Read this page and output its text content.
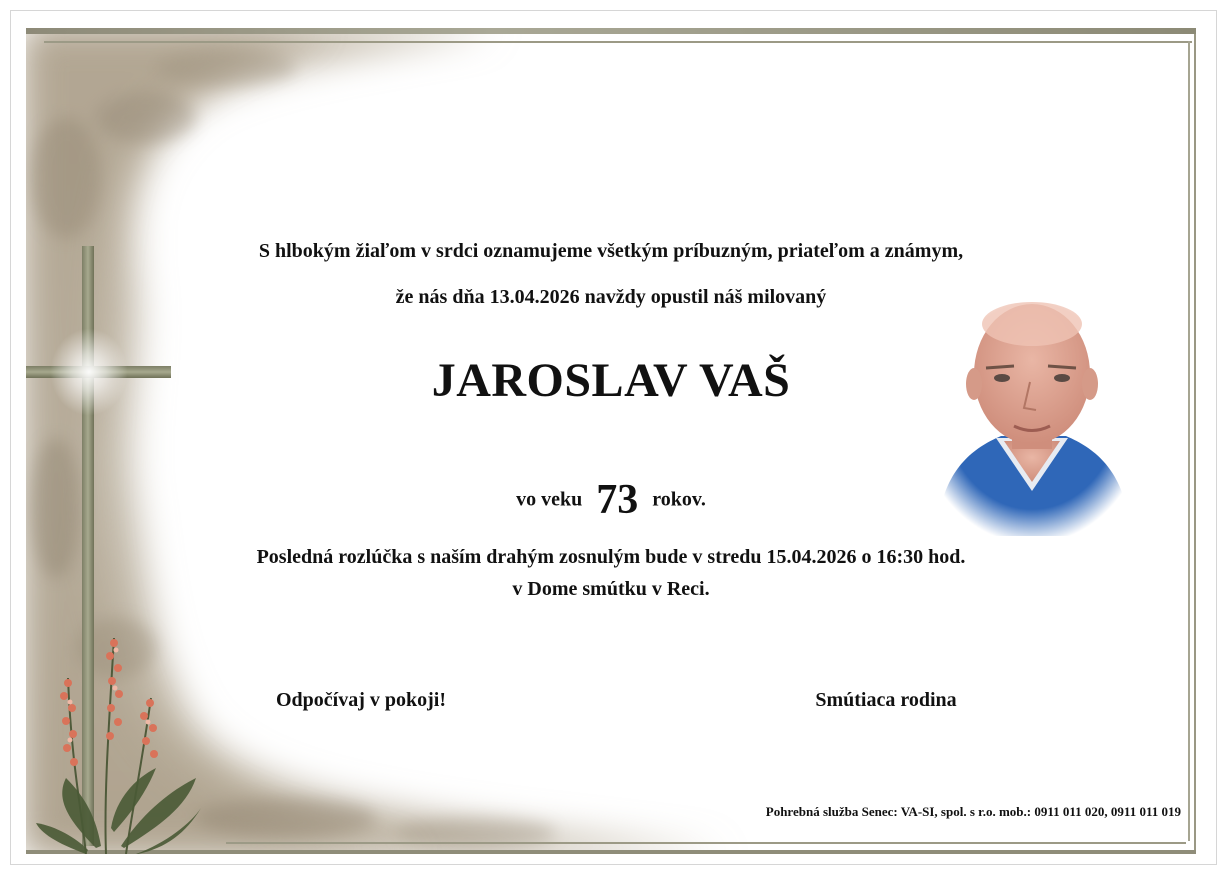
S hlbokým žiaľom v srdci oznamujeme všetkým príbuzným, priateľom a známym,
že nás dňa 13.04.2026 navždy opustil náš milovaný
JAROSLAV VAŠ
vo veku 73 rokov.
Posledná rozlúčka s naším drahým zosnulým bude v stredu 15.04.2026 o 16:30 hod.
v Dome smútku v Reci.
Odpočívaj v pokoji!	Smútiaca rodina
Pohrebná služba Senec: VA-SI, spol. s r.o. mob.: 0911 011 020, 0911 011 019
